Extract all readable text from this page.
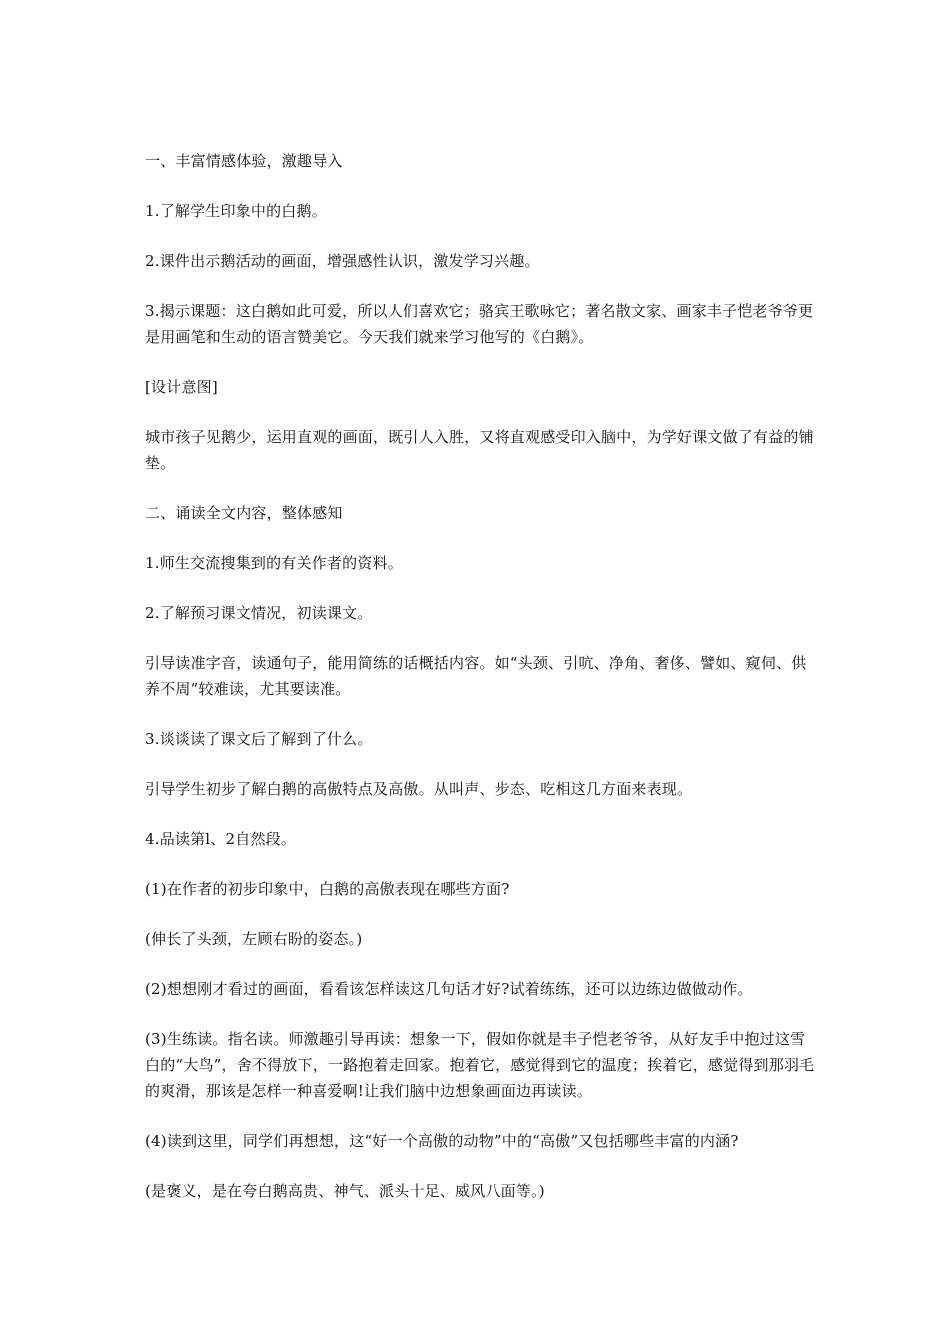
一、丰富情感体验，激趣导入

1.了解学生印象中的白鹅。

2.课件出示鹅活动的画面，增强感性认识，激发学习兴趣。

3.揭示课题：这白鹅如此可爱，所以人们喜欢它；骆宾王歌咏它；著名散文家、画家丰子恺老爷爷更是用画笔和生动的语言赞美它。今天我们就来学习他写的《白鹅》。

[设计意图]

城市孩子见鹅少，运用直观的画面，既引人入胜，又将直观感受印入脑中，为学好课文做了有益的铺垫。

二、诵读全文内容，整体感知

1.师生交流搜集到的有关作者的资料。

2.了解预习课文情况，初读课文。

引导读准字音，读通句子，能用简练的话概括内容。如“头颈、引吭、净角、奢侈、譬如、窥伺、供养不周”较难读，尤其要读准。

3.谈谈读了课文后了解到了什么。

引导学生初步了解白鹅的高傲特点及高傲。从叫声、步态、吃相这几方面来表现。

4.品读第l、2自然段。

(1)在作者的初步印象中，白鹅的高傲表现在哪些方面?

(伸长了头颈，左顾右盼的姿态。)

(2)想想刚才看过的画面，看看该怎样读这几句话才好?试着练练，还可以边练边做做动作。

(3)生练读。指名读。师激趣引导再读：想象一下，假如你就是丰子恺老爷爷，从好友手中抱过这雪白的“大鸟”，舍不得放下，一路抱着走回家。抱着它，感觉得到它的温度；挨着它，感觉得到那羽毛的爽滑，那该是怎样一种喜爱啊!让我们脑中边想象画面边再读读。

(4)读到这里，同学们再想想，这“好一个高傲的动物”中的“高傲”又包括哪些丰富的内涵?

(是褒义，是在夸白鹅高贵、神气、派头十足、威风八面等。)
